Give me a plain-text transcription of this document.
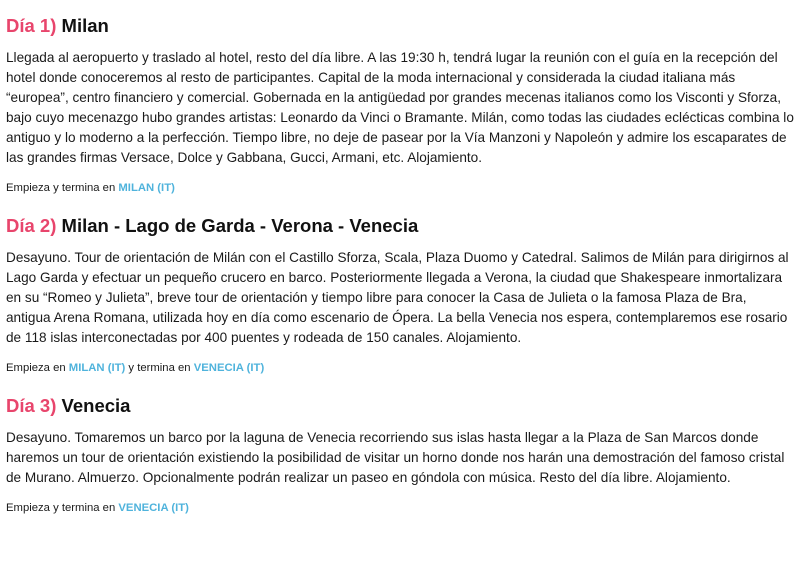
Día 1) Milan

Llegada al aeropuerto y traslado al hotel, resto del día libre. A las 19:30 h, tendrá lugar la reunión con el guía en la recepción del hotel donde conoceremos al resto de participantes. Capital de la moda internacional y considerada la ciudad italiana más “europea”, centro financiero y comercial. Gobernada en la antigüedad por grandes mecenas italianos como los Visconti y Sforza, bajo cuyo mecenazgo hubo grandes artistas: Leonardo da Vinci o Bramante. Milán, como todas las ciudades eclécticas combina lo antiguo y lo moderno a la perfección. Tiempo libre, no deje de pasear por la Vía Manzoni y Napoleón y admire los escaparates de las grandes firmas Versace, Dolce y Gabbana, Gucci, Armani, etc. Alojamiento.

Empieza y termina en MILAN (IT)

Día 2) Milan - Lago de Garda - Verona - Venecia

Desayuno. Tour de orientación de Milán con el Castillo Sforza, Scala, Plaza Duomo y Catedral. Salimos de Milán para dirigirnos al Lago Garda y efectuar un pequeño crucero en barco. Posteriormente llegada a Verona, la ciudad que Shakespeare inmortalizara en su “Romeo y Julieta”, breve tour de orientación y tiempo libre para conocer la Casa de Julieta o la famosa Plaza de Bra, antigua Arena Romana, utilizada hoy en día como escenario de Ópera. La bella Venecia nos espera, contemplaremos ese rosario de 118 islas interconectadas por 400 puentes y rodeada de 150 canales. Alojamiento.

Empieza en MILAN (IT) y termina en VENECIA (IT)

Día 3) Venecia

Desayuno. Tomaremos un barco por la laguna de Venecia recorriendo sus islas hasta llegar a la Plaza de San Marcos donde haremos un tour de orientación existiendo la posibilidad de visitar un horno donde nos harán una demostración del famoso cristal de Murano. Almuerzo. Opcionalmente podrán realizar un paseo en góndola con música. Resto del día libre. Alojamiento.

Empieza y termina en VENECIA (IT)
